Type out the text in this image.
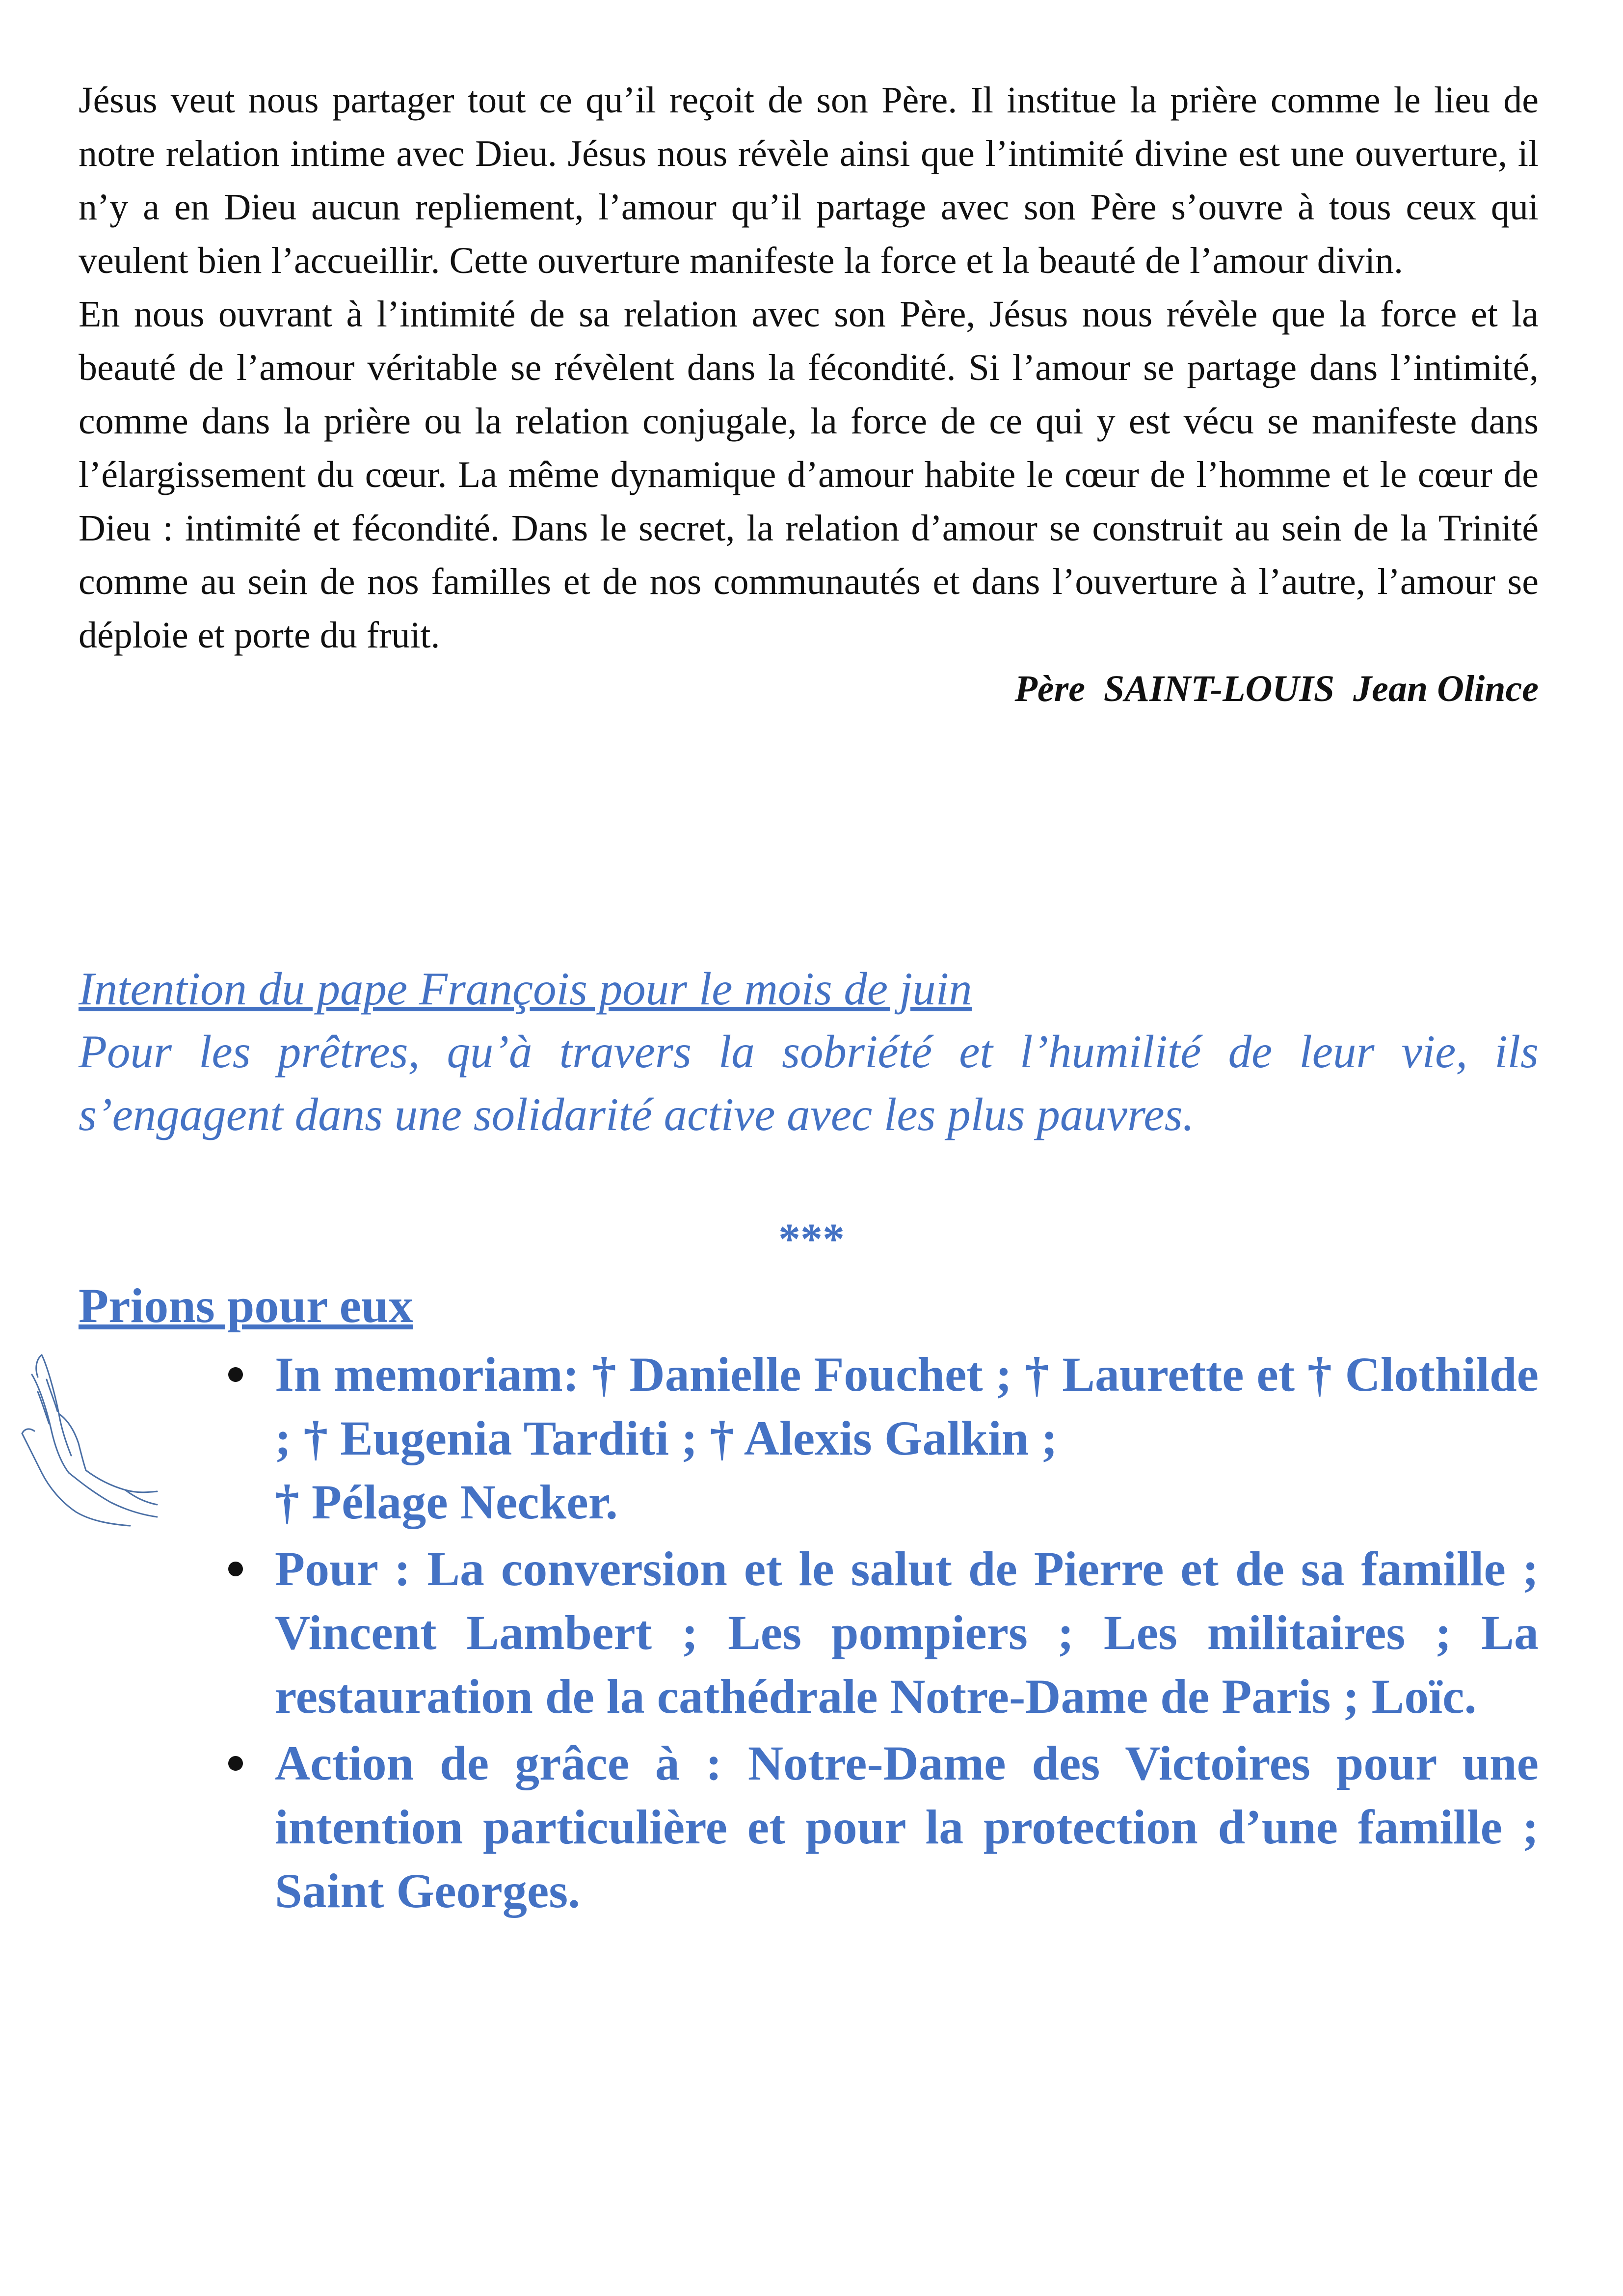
Jésus veut nous partager tout ce qu’il reçoit de son Père. Il institue la prière comme le lieu de notre relation intime avec Dieu. Jésus nous révèle ainsi que l’intimité divine est une ouverture, il n’y a en Dieu aucun repliement, l’amour qu’il partage avec son Père s’ouvre à tous ceux qui veulent bien l’accueillir. Cette ouverture manifeste la force et la beauté de l’amour divin.
En nous ouvrant à l’intimité de sa relation avec son Père, Jésus nous révèle que la force et la beauté de l’amour véritable se révèlent dans la fécondité. Si l’amour se partage dans l’intimité, comme dans la prière ou la relation conjugale, la force de ce qui y est vécu se manifeste dans l’élargissement du cœur. La même dynamique d’amour habite le cœur de l’homme et le cœur de Dieu : intimité et fécondité. Dans le secret, la relation d’amour se construit au sein de la Trinité comme au sein de nos familles et de nos communautés et dans l’ouverture à l’autre, l’amour se déploie et porte du fruit.

Père  SAINT-LOUIS  Jean Olince

Intention du pape François pour le mois de juin
Pour les prêtres, qu’à travers la sobriété et l’humilité de leur vie, ils s’engagent dans une solidarité active avec les plus pauvres.
***
Prions pour eux
In memoriam: † Danielle Fouchet ; † Laurette et † Clothilde ; † Eugenia Tarditi ; † Alexis Galkin ;
† Pélage Necker.
Pour : La conversion et le salut de Pierre et de sa famille ; Vincent Lambert ; Les pompiers ; Les militaires ; La restauration de la cathédrale Notre-Dame de Paris ; Loïc.
Action de grâce à : Notre-Dame des Victoires pour une intention particulière et pour la protection d’une famille ; Saint Georges.
